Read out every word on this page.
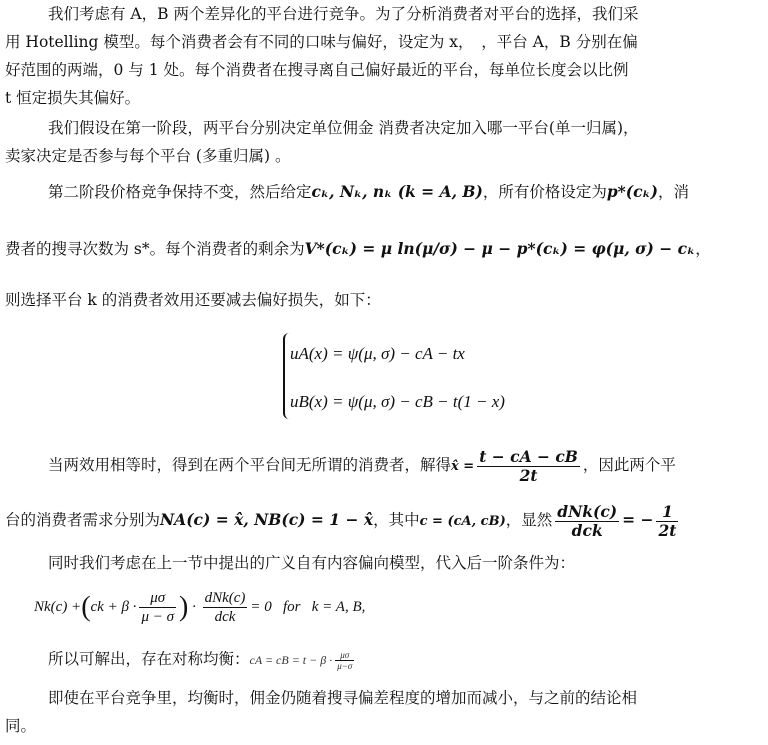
我们考虑有 A，B 两个差异化的平台进行竞争。为了分析消费者对平台的选择，我们采
用 Hotelling 模型。每个消费者会有不同的口味与偏好，设定为 x，　，平台 A，B 分别在偏
好范围的两端，0 与 1 处。每个消费者在搜寻离自己偏好最近的平台，每单位长度会以比例
t 恒定损失其偏好。
我们假设在第一阶段，两平台分别决定单位佣金 消费者决定加入哪一平台(单一归属)，
卖家决定是否参与每个平台 (多重归属) 。
第二阶段价格竞争保持不变，然后给定cₖ, Nₖ, nₖ (k = A, B)，所有价格设定为p*(cₖ)，消
费者的搜寻次数为 s*。每个消费者的剩余为V*(cₖ) = μ ln(μ/σ) − μ − p*(cₖ) = φ(μ, σ) − cₖ，
则选择平台 k 的消费者效用还要减去偏好损失，如下：
uA(x) = ψ(μ, σ) − cA − tx
uB(x) = ψ(μ, σ) − cB − t(1 − x)
当两效用相等时，得到在两个平台间无所谓的消费者，解得x̂ = $\frac{t - cA - cB}{2t}$ ，因此两个平
台的消费者需求分别为NA(c) = x̂, NB(c) = 1 − x̂，其中c = (cA, cB)，显然 $\frac{\text{dNk(c)}}{\text{dck}}$ = − $\frac{1}{2t}$
同时我们考虑在上一节中提出的广义自有内容偏向模型，代入后一阶条件为：
$Nk(c) +(ck + \beta \cdot \frac{\mu\sigma}{\mu - \sigma}$ ) · $\frac{\text{dNk(c)}}{\text{dck}} = 0$   for   k = A, B,
所以可解出，存在对称均衡：cA = cB = $t - \beta \cdot \frac{\mu\sigma}{\mu-\sigma}$
即使在平台竞争里，均衡时，佣金仍随着搜寻偏差程度的增加而减小，与之前的结论相
同。
